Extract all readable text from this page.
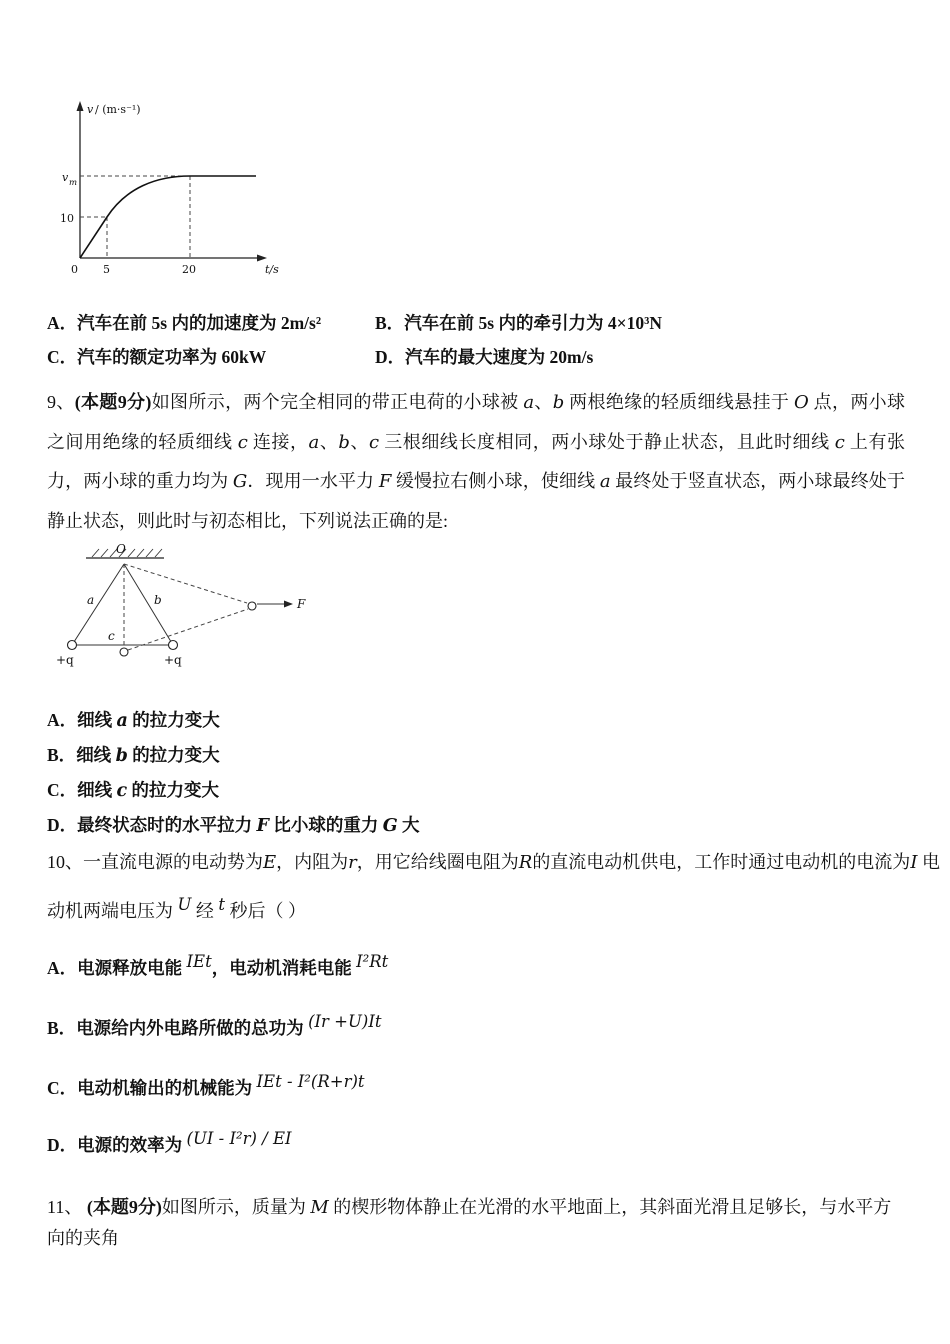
v / (m·s⁻¹)
v m
10
0 5	20	t/s
A．汽车在前 5s 内的加速度为 2m/s²	B．汽车在前 5s 内的牵引力为 4×10³N
C．汽车的额定功率为 60kW	D．汽车的最大速度为 20m/s

9、(本题9分)如图所示，两个完全相同的带正电荷的小球被 a、b 两根绝缘的轻质细线悬挂于 O 点，两小球之间用绝缘的轻质细线 c 连接，a、b、c 三根细线长度相同，两小球处于静止状态，且此时细线 c 上有张力，两小球的重力均为 G．现用一水平力 F 缓慢拉右侧小球，使细线 a 最终处于竖直状态，两小球最终处于静止状态，则此时与初态相比，下列说法正确的是:

O
a	b
c
+q	+q
F
A．细线 a 的拉力变大
B．细线 b 的拉力变大
C．细线 c 的拉力变大
D．最终状态时的水平拉力 F 比小球的重力 G 大
10、一直流电源的电动势为E，内阻为r，用它给线圈电阻为R的直流电动机供电，工作时通过电动机的电流为I 电
动机两端电压为 U 经 t 秒后（ ）
A．电源释放电能 IEt，电动机消耗电能 I²Rt
B．电源给内外电路所做的总功为 (Ir +U)It
C．电动机输出的机械能为 IEt - I²(R+r)t
D．电源的效率为 (UI - I²r) / EI
11、 (本题9分)如图所示，质量为 M 的楔形物体静止在光滑的水平地面上，其斜面光滑且足够长，与水平方向的夹角
